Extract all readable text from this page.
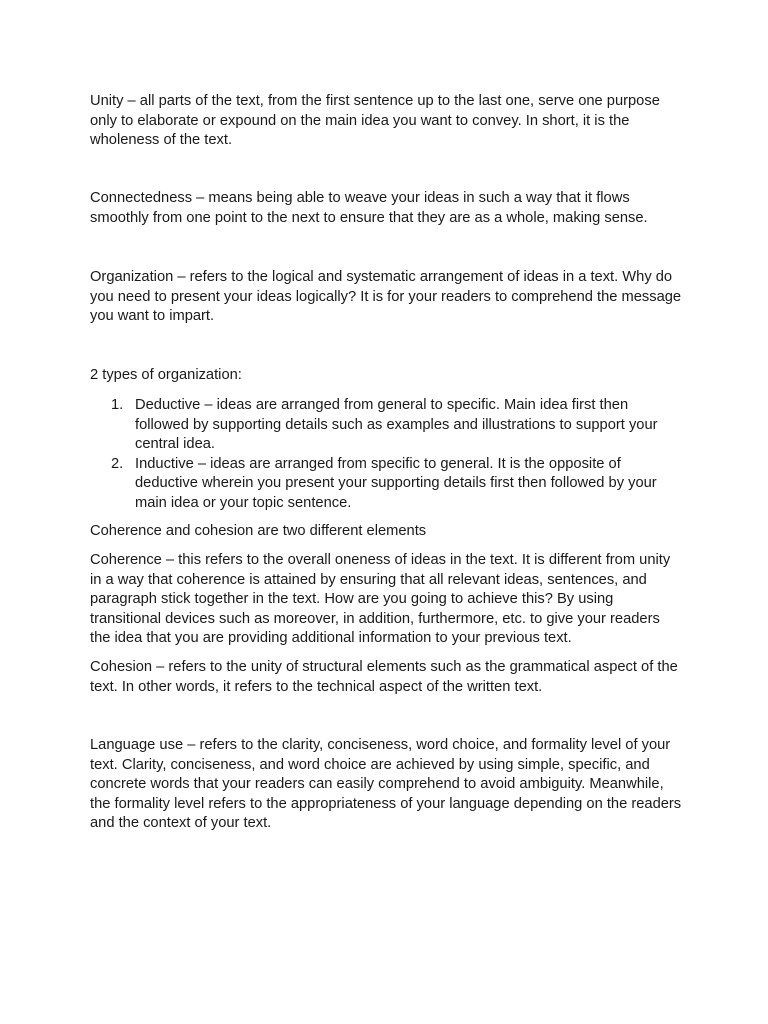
Unity – all parts of the text, from the first sentence up to the last one, serve one purpose only to elaborate or expound on the main idea you want to convey. In short, it is the wholeness of the text.

Connectedness – means being able to weave your ideas in such a way that it flows smoothly from one point to the next to ensure that they are as a whole, making sense.

Organization – refers to the logical and systematic arrangement of ideas in a text. Why do you need to present your ideas logically? It is for your readers to comprehend the message you want to impart.

2 types of organization:

1. Deductive – ideas are arranged from general to specific. Main idea first then followed by supporting details such as examples and illustrations to support your central idea.
2. Inductive – ideas are arranged from specific to general. It is the opposite of deductive wherein you present your supporting details first then followed by your main idea or your topic sentence.

Coherence and cohesion are two different elements

Coherence – this refers to the overall oneness of ideas in the text. It is different from unity in a way that coherence is attained by ensuring that all relevant ideas, sentences, and paragraph stick together in the text. How are you going to achieve this? By using transitional devices such as moreover, in addition, furthermore, etc. to give your readers the idea that you are providing additional information to your previous text.

Cohesion – refers to the unity of structural elements such as the grammatical aspect of the text. In other words, it refers to the technical aspect of the written text.

Language use – refers to the clarity, conciseness, word choice, and formality level of your text. Clarity, conciseness, and word choice are achieved by using simple, specific, and concrete words that your readers can easily comprehend to avoid ambiguity. Meanwhile, the formality level refers to the appropriateness of your language depending on the readers and the context of your text.
